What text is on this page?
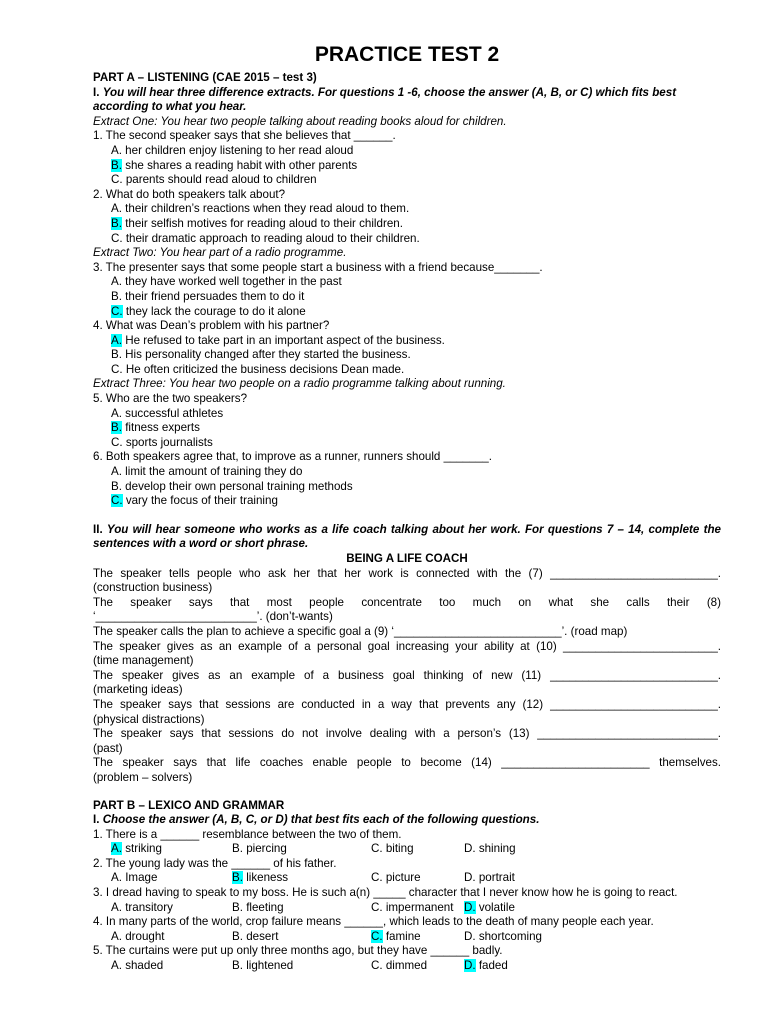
PRACTICE TEST 2
PART A – LISTENING (CAE 2015 – test 3)
I. You will hear three difference extracts. For questions 1 -6, choose the answer (A, B, or C) which fits best according to what you hear.
Extract One: You hear two people talking about reading books aloud for children.
1. The second speaker says that she believes that ______.
A. her children enjoy listening to her read aloud
B. she shares a reading habit with other parents
C. parents should read aloud to children
2. What do both speakers talk about?
A. their children’s reactions when they read aloud to them.
B. their selfish motives for reading aloud to their children.
C. their dramatic approach to reading aloud to their children.
Extract Two: You hear part of a radio programme.
3. The presenter says that some people start a business with a friend because_______.
A. they have worked well together in the past
B. their friend persuades them to do it
C. they lack the courage to do it alone
4. What was Dean’s problem with his partner?
A. He refused to take part in an important aspect of the business.
B. His personality changed after they started the business.
C. He often criticized the business decisions Dean made.
Extract Three: You hear two people on a radio programme talking about running.
5. Who are the two speakers?
A. successful athletes
B. fitness experts
C. sports journalists
6. Both speakers agree that, to improve as a runner, runners should _______.
A. limit the amount of training they do
B. develop their own personal training methods
C. vary the focus of their training
II. You will hear someone who works as a life coach talking about her work. For questions 7 – 14, complete the sentences with a word or short phrase.
BEING A LIFE COACH
The speaker tells people who ask her that her work is connected with the (7) __________________________.
(construction business)
The speaker says that most people concentrate too much on what she calls their (8)
‘_________________________’. (don’t-wants)
The speaker calls the plan to achieve a specific goal a (9) ‘__________________________’. (road map)
The speaker gives as an example of a personal goal increasing your ability at (10) ________________________.
(time management)
The speaker gives as an example of a business goal thinking of new (11) __________________________.
(marketing ideas)
The speaker says that sessions are conducted in a way that prevents any (12) __________________________.
(physical distractions)
The speaker says that sessions do not involve dealing with a person’s (13) ____________________________.
(past)
The speaker says that life coaches enable people to become (14) _______________________ themselves.
(problem – solvers)
PART B – LEXICO AND GRAMMAR
I. Choose the answer (A, B, C, or D) that best fits each of the following questions.
1. There is a ______ resemblance between the two of them.
A. striking	B. piercing	C. biting	D. shining
2. The young lady was the ______ of his father.
A. Image	B. likeness	C. picture	D. portrait
3. I dread having to speak to my boss. He is such a(n) _____ character that I never know how he is going to react.
A. transitory	B. fleeting	C. impermanent D. volatile
4. In many parts of the world, crop failure means ______, which leads to the death of many people each year.
A. drought	B. desert	C. famine	D. shortcoming
5. The curtains were put up only three months ago, but they have ______ badly.
A. shaded	B. lightened	C. dimmed	D. faded
